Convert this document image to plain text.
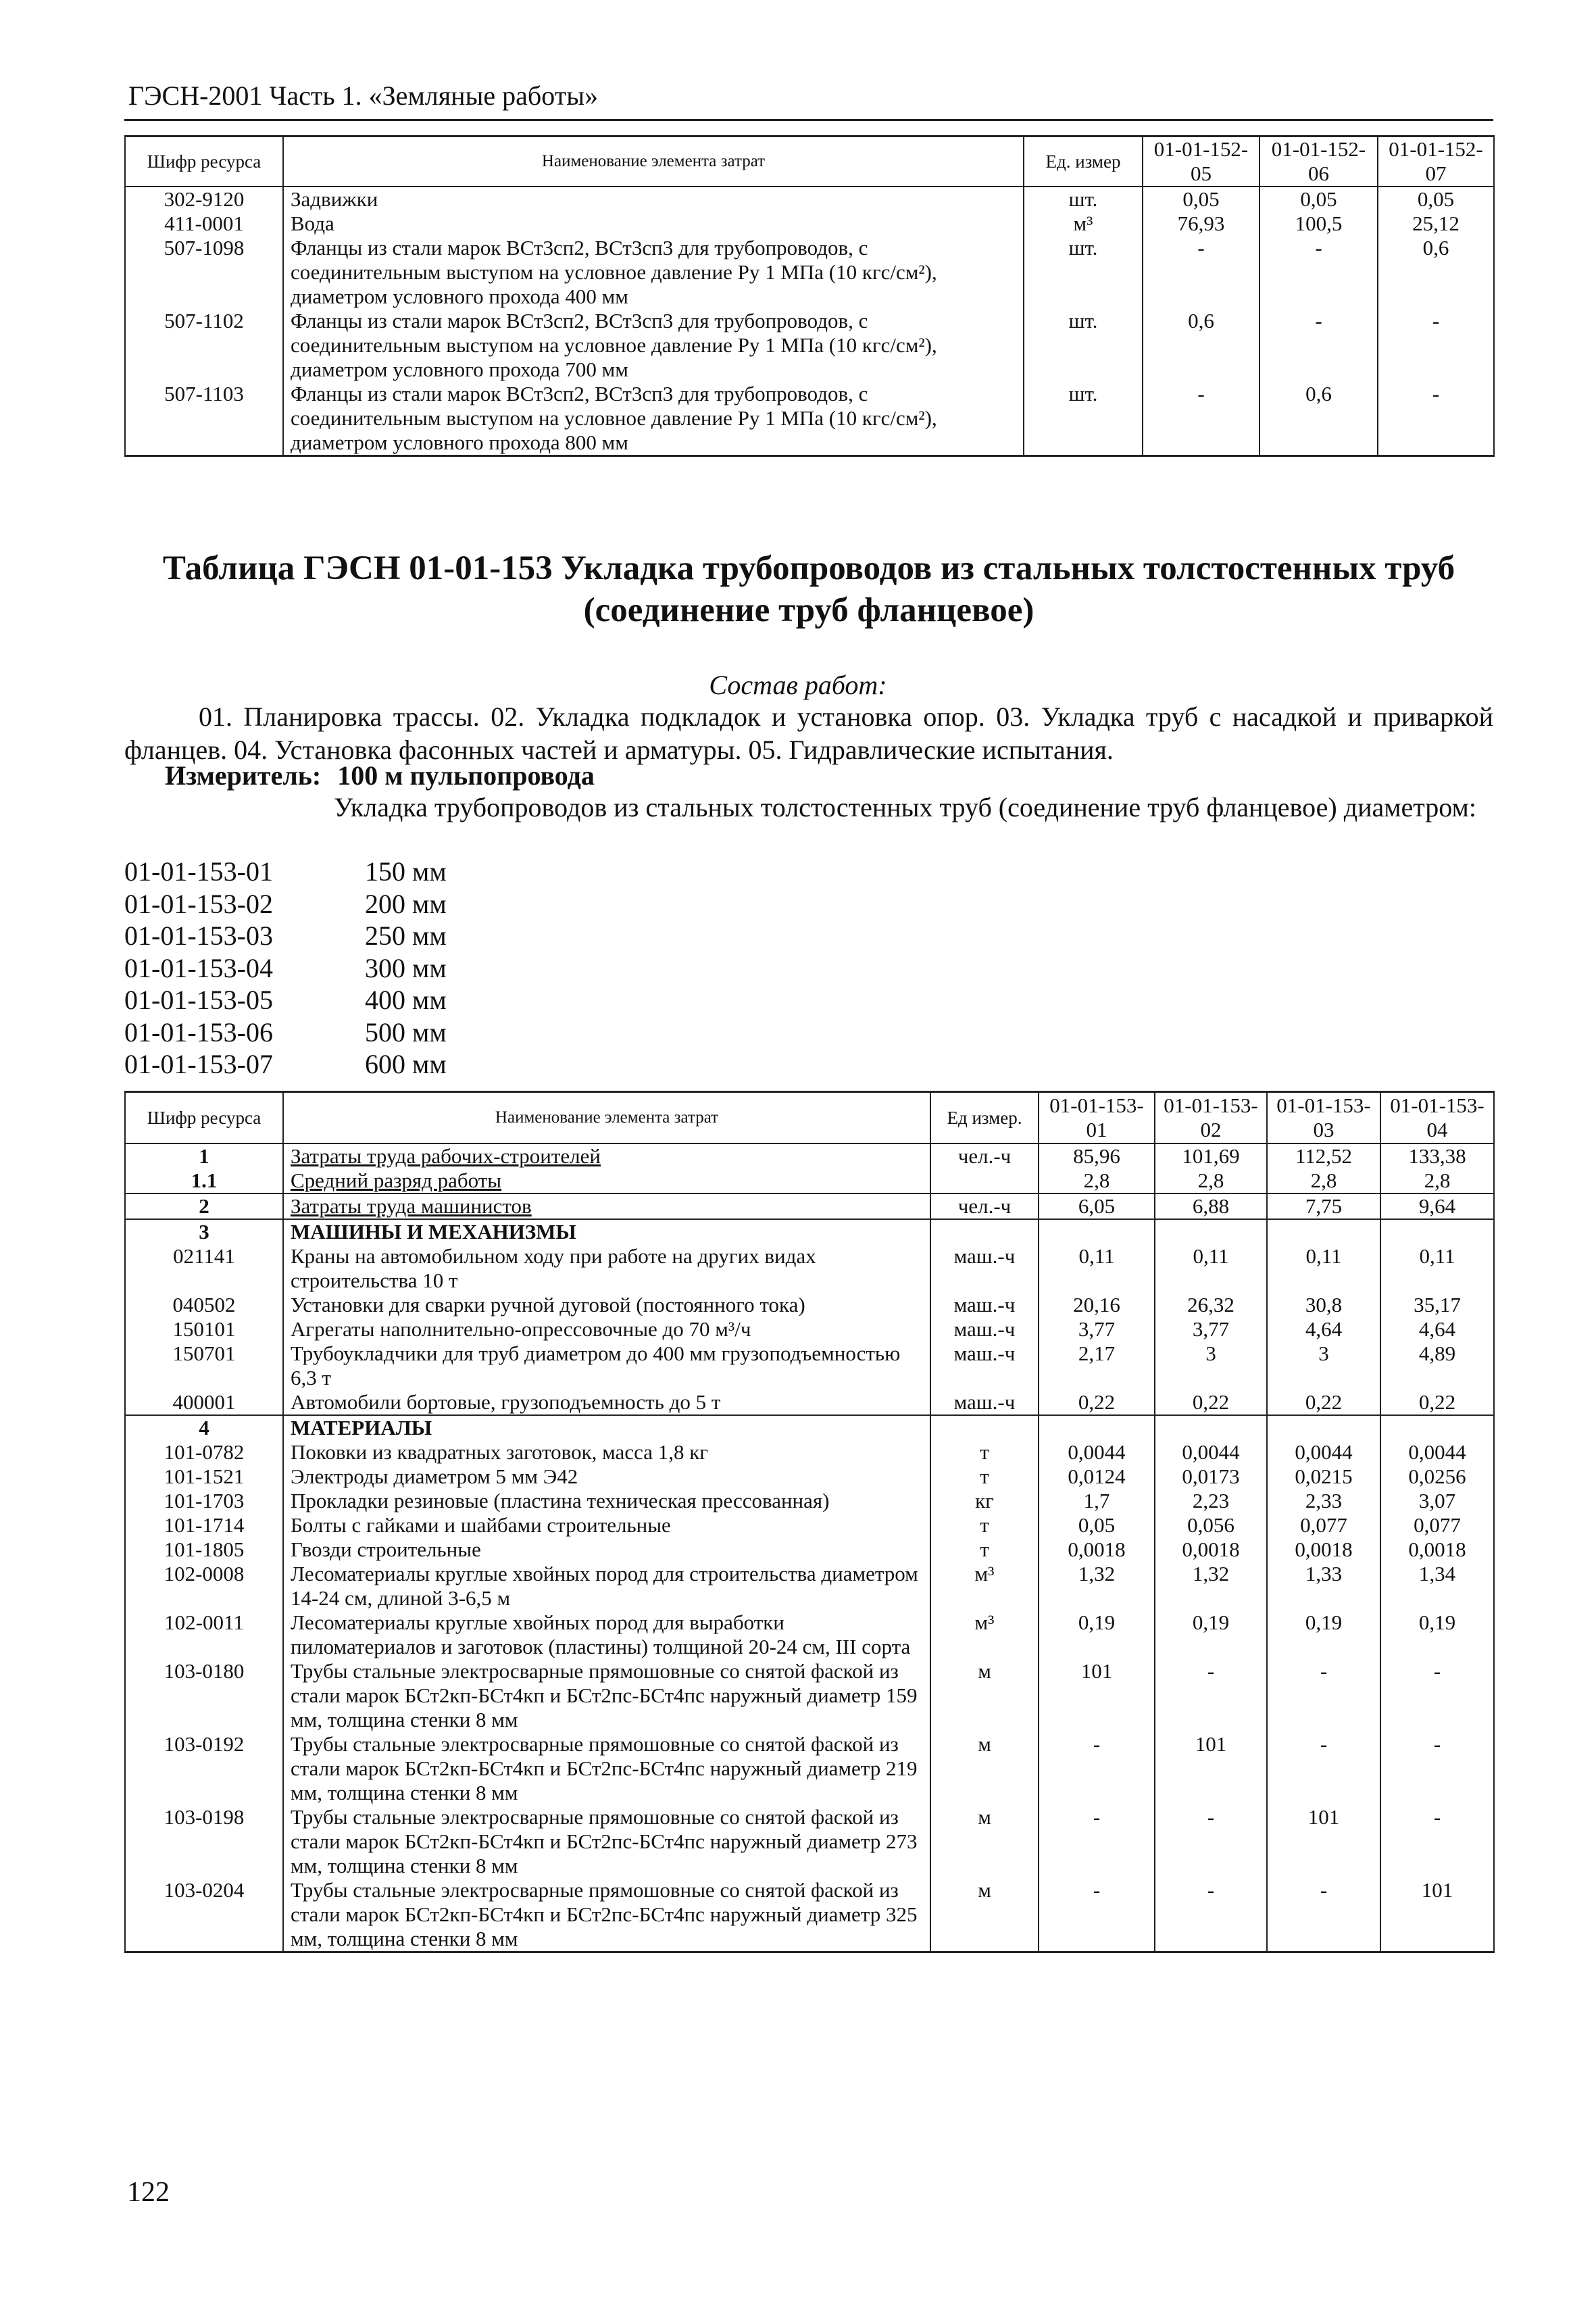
ГЭСН-2001 Часть 1. «Земляные работы»
Шифр ресурса	Наименование элемента затрат	Ед. измер	01-01-152-05	01-01-152-06	01-01-152-07
302-9120	Задвижки	шт.	0,05	0,05	0,05
411-0001	Вода	м³	76,93	100,5	25,12
507-1098	Фланцы из стали марок ВСт3сп2, ВСт3сп3 для трубопроводов, с соединительным выступом на условное давление Ру 1 МПа (10 кгс/см²), диаметром условного прохода 400 мм	шт.	-	-	0,6
507-1102	Фланцы из стали марок ВСт3сп2, ВСт3сп3 для трубопроводов, с соединительным выступом на условное давление Ру 1 МПа (10 кгс/см²), диаметром условного прохода 700 мм	шт.	0,6	-	-
507-1103	Фланцы из стали марок ВСт3сп2, ВСт3сп3 для трубопроводов, с соединительным выступом на условное давление Ру 1 МПа (10 кгс/см²), диаметром условного прохода 800 мм	шт.	-	0,6	-
Таблица ГЭСН 01-01-153 Укладка трубопроводов из стальных толстостенных труб (соединение труб фланцевое)
Состав работ:
01. Планировка трассы. 02. Укладка подкладок и установка опор. 03. Укладка труб с насадкой и приваркой фланцев. 04. Установка фасонных частей и арматуры. 05. Гидравлические испытания.
Измеритель: 100 м пульпопровода
Укладка трубопроводов из стальных толстостенных труб (соединение труб фланцевое) диаметром:
01-01-153-01	150 мм
01-01-153-02	200 мм
01-01-153-03	250 мм
01-01-153-04	300 мм
01-01-153-05	400 мм
01-01-153-06	500 мм
01-01-153-07	600 мм
Шифр ресурса	Наименование элемента затрат	Ед измер.	01-01-153-01	01-01-153-02	01-01-153-03	01-01-153-04
1	Затраты труда рабочих-строителей	чел.-ч	85,96	101,69	112,52	133,38
1.1	Средний разряд работы		2,8	2,8	2,8	2,8
2	Затраты труда машинистов	чел.-ч	6,05	6,88	7,75	9,64
3	МАШИНЫ И МЕХАНИЗМЫ					
021141	Краны на автомобильном ходу при работе на других видах строительства 10 т	маш.-ч	0,11	0,11	0,11	0,11
040502	Установки для сварки ручной дуговой (постоянного тока)	маш.-ч	20,16	26,32	30,8	35,17
150101	Агрегаты наполнительно-опрессовочные до 70 м³/ч	маш.-ч	3,77	3,77	4,64	4,64
150701	Трубоукладчики для труб диаметром до 400 мм грузоподъемностью 6,3 т	маш.-ч	2,17	3	3	4,89
400001	Автомобили бортовые, грузоподъемность до 5 т	маш.-ч	0,22	0,22	0,22	0,22
4	МАТЕРИАЛЫ					
101-0782	Поковки из квадратных заготовок, масса 1,8 кг	т	0,0044	0,0044	0,0044	0,0044
101-1521	Электроды диаметром 5 мм Э42	т	0,0124	0,0173	0,0215	0,0256
101-1703	Прокладки резиновые (пластина техническая прессованная)	кг	1,7	2,23	2,33	3,07
101-1714	Болты с гайками и шайбами строительные	т	0,05	0,056	0,077	0,077
101-1805	Гвозди строительные	т	0,0018	0,0018	0,0018	0,0018
102-0008	Лесоматериалы круглые хвойных пород для строительства диаметром 14-24 см, длиной 3-6,5 м	м³	1,32	1,32	1,33	1,34
102-0011	Лесоматериалы круглые хвойных пород для выработки пиломатериалов и заготовок (пластины) толщиной 20-24 см, III сорта	м³	0,19	0,19	0,19	0,19
103-0180	Трубы стальные электросварные прямошовные со снятой фаской из стали марок БСт2кп-БСт4кп и БСт2пс-БСт4пс наружный диаметр 159 мм, толщина стенки 8 мм	м	101	-	-	-
103-0192	Трубы стальные электросварные прямошовные со снятой фаской из стали марок БСт2кп-БСт4кп и БСт2пс-БСт4пс наружный диаметр 219 мм, толщина стенки 8 мм	м	-	101	-	-
103-0198	Трубы стальные электросварные прямошовные со снятой фаской из стали марок БСт2кп-БСт4кп и БСт2пс-БСт4пс наружный диаметр 273 мм, толщина стенки 8 мм	м	-	-	101	-
103-0204	Трубы стальные электросварные прямошовные со снятой фаской из стали марок БСт2кп-БСт4кп и БСт2пс-БСт4пс наружный диаметр 325 мм, толщина стенки 8 мм	м	-	-	-	101
122
